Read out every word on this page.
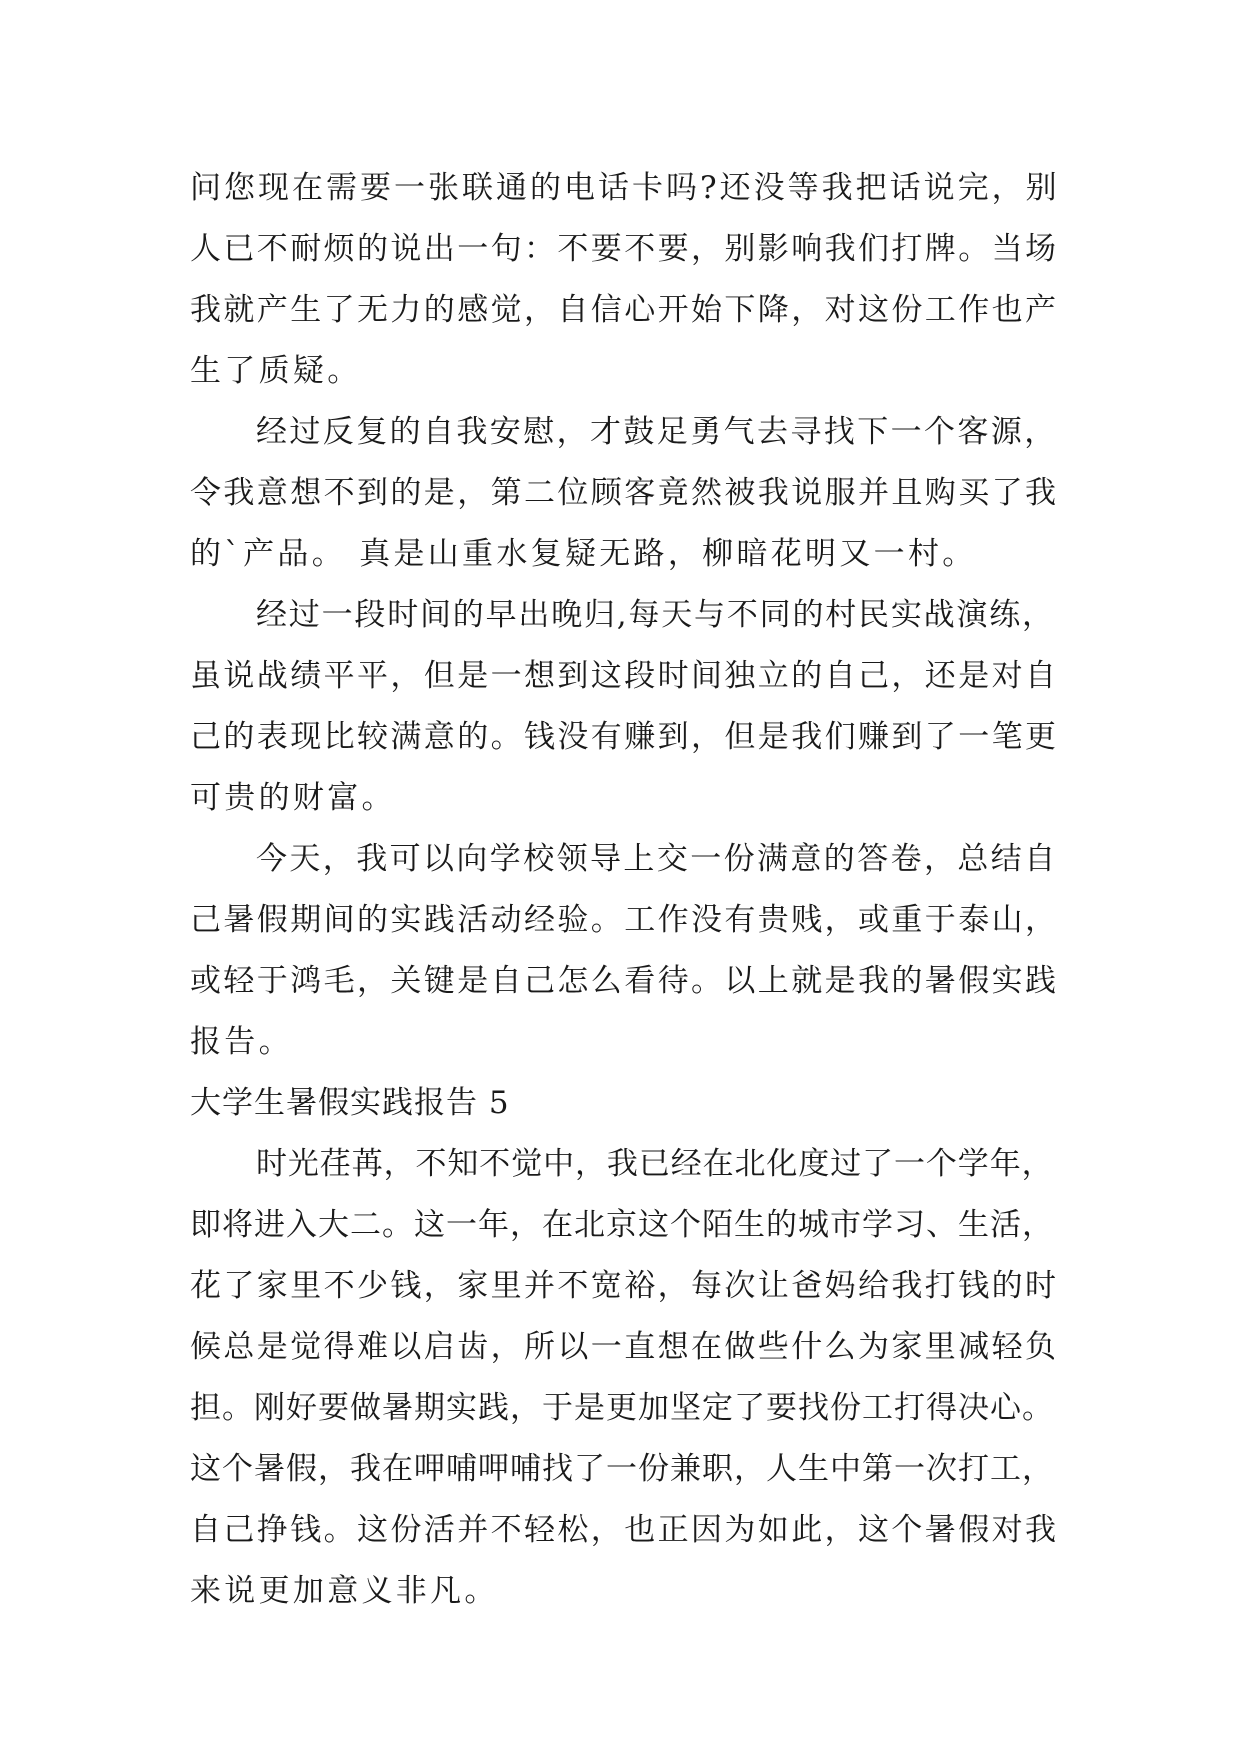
问您现在需要一张联通的电话卡吗?还没等我把话说完，别
人已不耐烦的说出一句：不要不要，别影响我们打牌。当场
我就产生了无力的感觉，自信心开始下降，对这份工作也产
生了质疑。
经过反复的自我安慰，才鼓足勇气去寻找下一个客源，
令我意想不到的是，第二位顾客竟然被我说服并且购买了我
的`产品。 真是山重水复疑无路，柳暗花明又一村。
经过一段时间的早出晚归,每天与不同的村民实战演练，
虽说战绩平平，但是一想到这段时间独立的自己，还是对自
己的表现比较满意的。钱没有赚到，但是我们赚到了一笔更
可贵的财富。
今天，我可以向学校领导上交一份满意的答卷，总结自
己暑假期间的实践活动经验。工作没有贵贱，或重于泰山，
或轻于鸿毛，关键是自己怎么看待。以上就是我的暑假实践
报告。
大学生暑假实践报告 5
时光荏苒，不知不觉中，我已经在北化度过了一个学年，
即将进入大二。这一年，在北京这个陌生的城市学习、生活，
花了家里不少钱，家里并不宽裕，每次让爸妈给我打钱的时
候总是觉得难以启齿，所以一直想在做些什么为家里减轻负
担。刚好要做暑期实践，于是更加坚定了要找份工打得决心。
这个暑假，我在呷哺呷哺找了一份兼职，人生中第一次打工，
自己挣钱。这份活并不轻松，也正因为如此，这个暑假对我
来说更加意义非凡。
